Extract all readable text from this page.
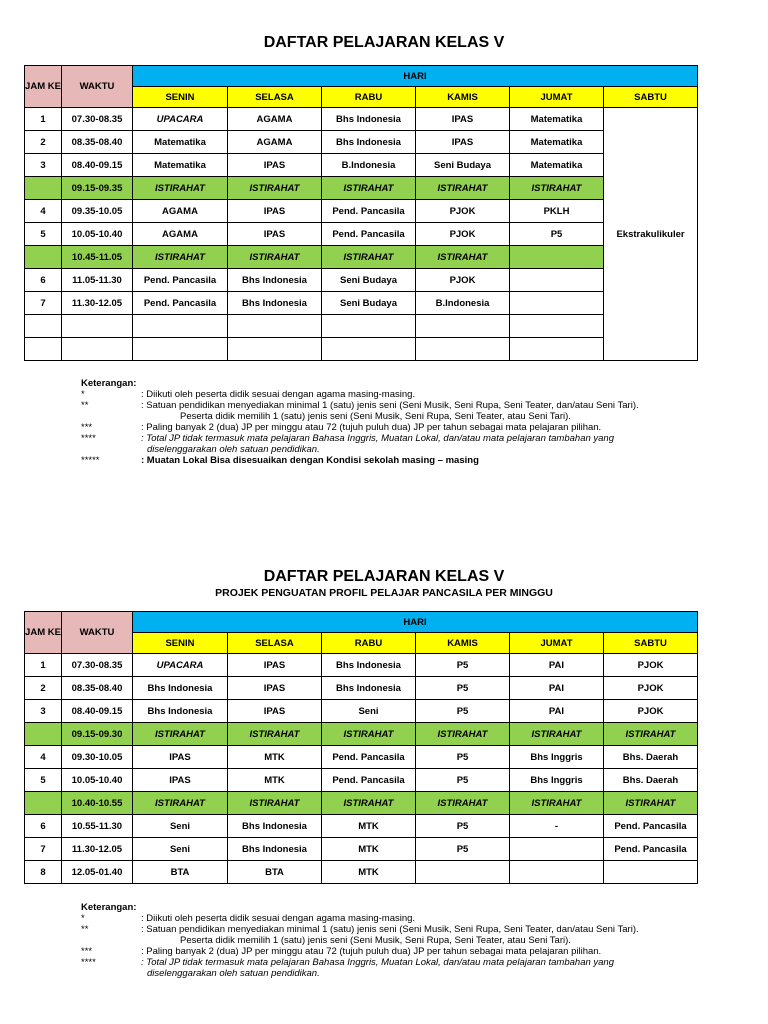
DAFTAR PELAJARAN KELAS V
JAM KE	WAKTU	HARI					
		SENIN	SELASA	RABU	KAMIS	JUMAT	SABTU
1	07.30-08.35	UPACARA	AGAMA	Bhs Indonesia	IPAS	Matematika	Ekstrakulikuler
2	08.35-08.40	Matematika	AGAMA	Bhs Indonesia	IPAS	Matematika	
3	08.40-09.15	Matematika	IPAS	B.Indonesia	Seni Budaya	Matematika	
	09.15-09.35	ISTIRAHAT	ISTIRAHAT	ISTIRAHAT	ISTIRAHAT	ISTIRAHAT	
4	09.35-10.05	AGAMA	IPAS	Pend. Pancasila	PJOK	PKLH	
5	10.05-10.40	AGAMA	IPAS	Pend. Pancasila	PJOK	P5	
	10.45-11.05	ISTIRAHAT	ISTIRAHAT	ISTIRAHAT	ISTIRAHAT		
6	11.05-11.30	Pend. Pancasila	Bhs Indonesia	Seni Budaya	PJOK		
7	11.30-12.05	Pend. Pancasila	Bhs Indonesia	Seni Budaya	B.Indonesia		

Keterangan:
*	: Diikuti oleh peserta didik sesuai dengan agama masing-masing.
**	: Satuan pendidikan menyediakan minimal 1 (satu) jenis seni (Seni Musik, Seni Rupa, Seni Teater, dan/atau Seni Tari).
Peserta didik memilih 1 (satu) jenis seni (Seni Musik, Seni Rupa, Seni Teater, atau Seni Tari).
***	: Paling banyak 2 (dua) JP per minggu atau 72 (tujuh puluh dua) JP per tahun sebagai mata pelajaran pilihan.
****	: Total JP tidak termasuk mata pelajaran Bahasa Inggris, Muatan Lokal, dan/atau mata pelajaran tambahan yang
diselenggarakan oleh satuan pendidikan.
*****	: Muatan Lokal Bisa disesuaikan dengan Kondisi sekolah masing – masing
DAFTAR PELAJARAN KELAS V
PROJEK PENGUATAN PROFIL PELAJAR PANCASILA PER MINGGU
JAM KE	WAKTU	HARI					
		SENIN	SELASA	RABU	KAMIS	JUMAT	SABTU
1	07.30-08.35	UPACARA	IPAS	Bhs Indonesia	P5	PAI	PJOK
2	08.35-08.40	Bhs Indonesia	IPAS	Bhs Indonesia	P5	PAI	PJOK
3	08.40-09.15	Bhs Indonesia	IPAS	Seni	P5	PAI	PJOK
	09.15-09.30	ISTIRAHAT	ISTIRAHAT	ISTIRAHAT	ISTIRAHAT	ISTIRAHAT	ISTIRAHAT
4	09.30-10.05	IPAS	MTK	Pend. Pancasila	P5	Bhs Inggris	Bhs. Daerah
5	10.05-10.40	IPAS	MTK	Pend. Pancasila	P5	Bhs Inggris	Bhs. Daerah
	10.40-10.55	ISTIRAHAT	ISTIRAHAT	ISTIRAHAT	ISTIRAHAT	ISTIRAHAT	ISTIRAHAT
6	10.55-11.30	Seni	Bhs Indonesia	MTK	P5	-	Pend. Pancasila
7	11.30-12.05	Seni	Bhs Indonesia	MTK	P5		Pend. Pancasila
8	12.05-01.40	BTA	BTA	MTK			
Keterangan:
*	: Diikuti oleh peserta didik sesuai dengan agama masing-masing.
**	: Satuan pendidikan menyediakan minimal 1 (satu) jenis seni (Seni Musik, Seni Rupa, Seni Teater, dan/atau Seni Tari).
Peserta didik memilih 1 (satu) jenis seni (Seni Musik, Seni Rupa, Seni Teater, atau Seni Tari).
***	: Paling banyak 2 (dua) JP per minggu atau 72 (tujuh puluh dua) JP per tahun sebagai mata pelajaran pilihan.
****	: Total JP tidak termasuk mata pelajaran Bahasa Inggris, Muatan Lokal, dan/atau mata pelajaran tambahan yang
diselenggarakan oleh satuan pendidikan.
